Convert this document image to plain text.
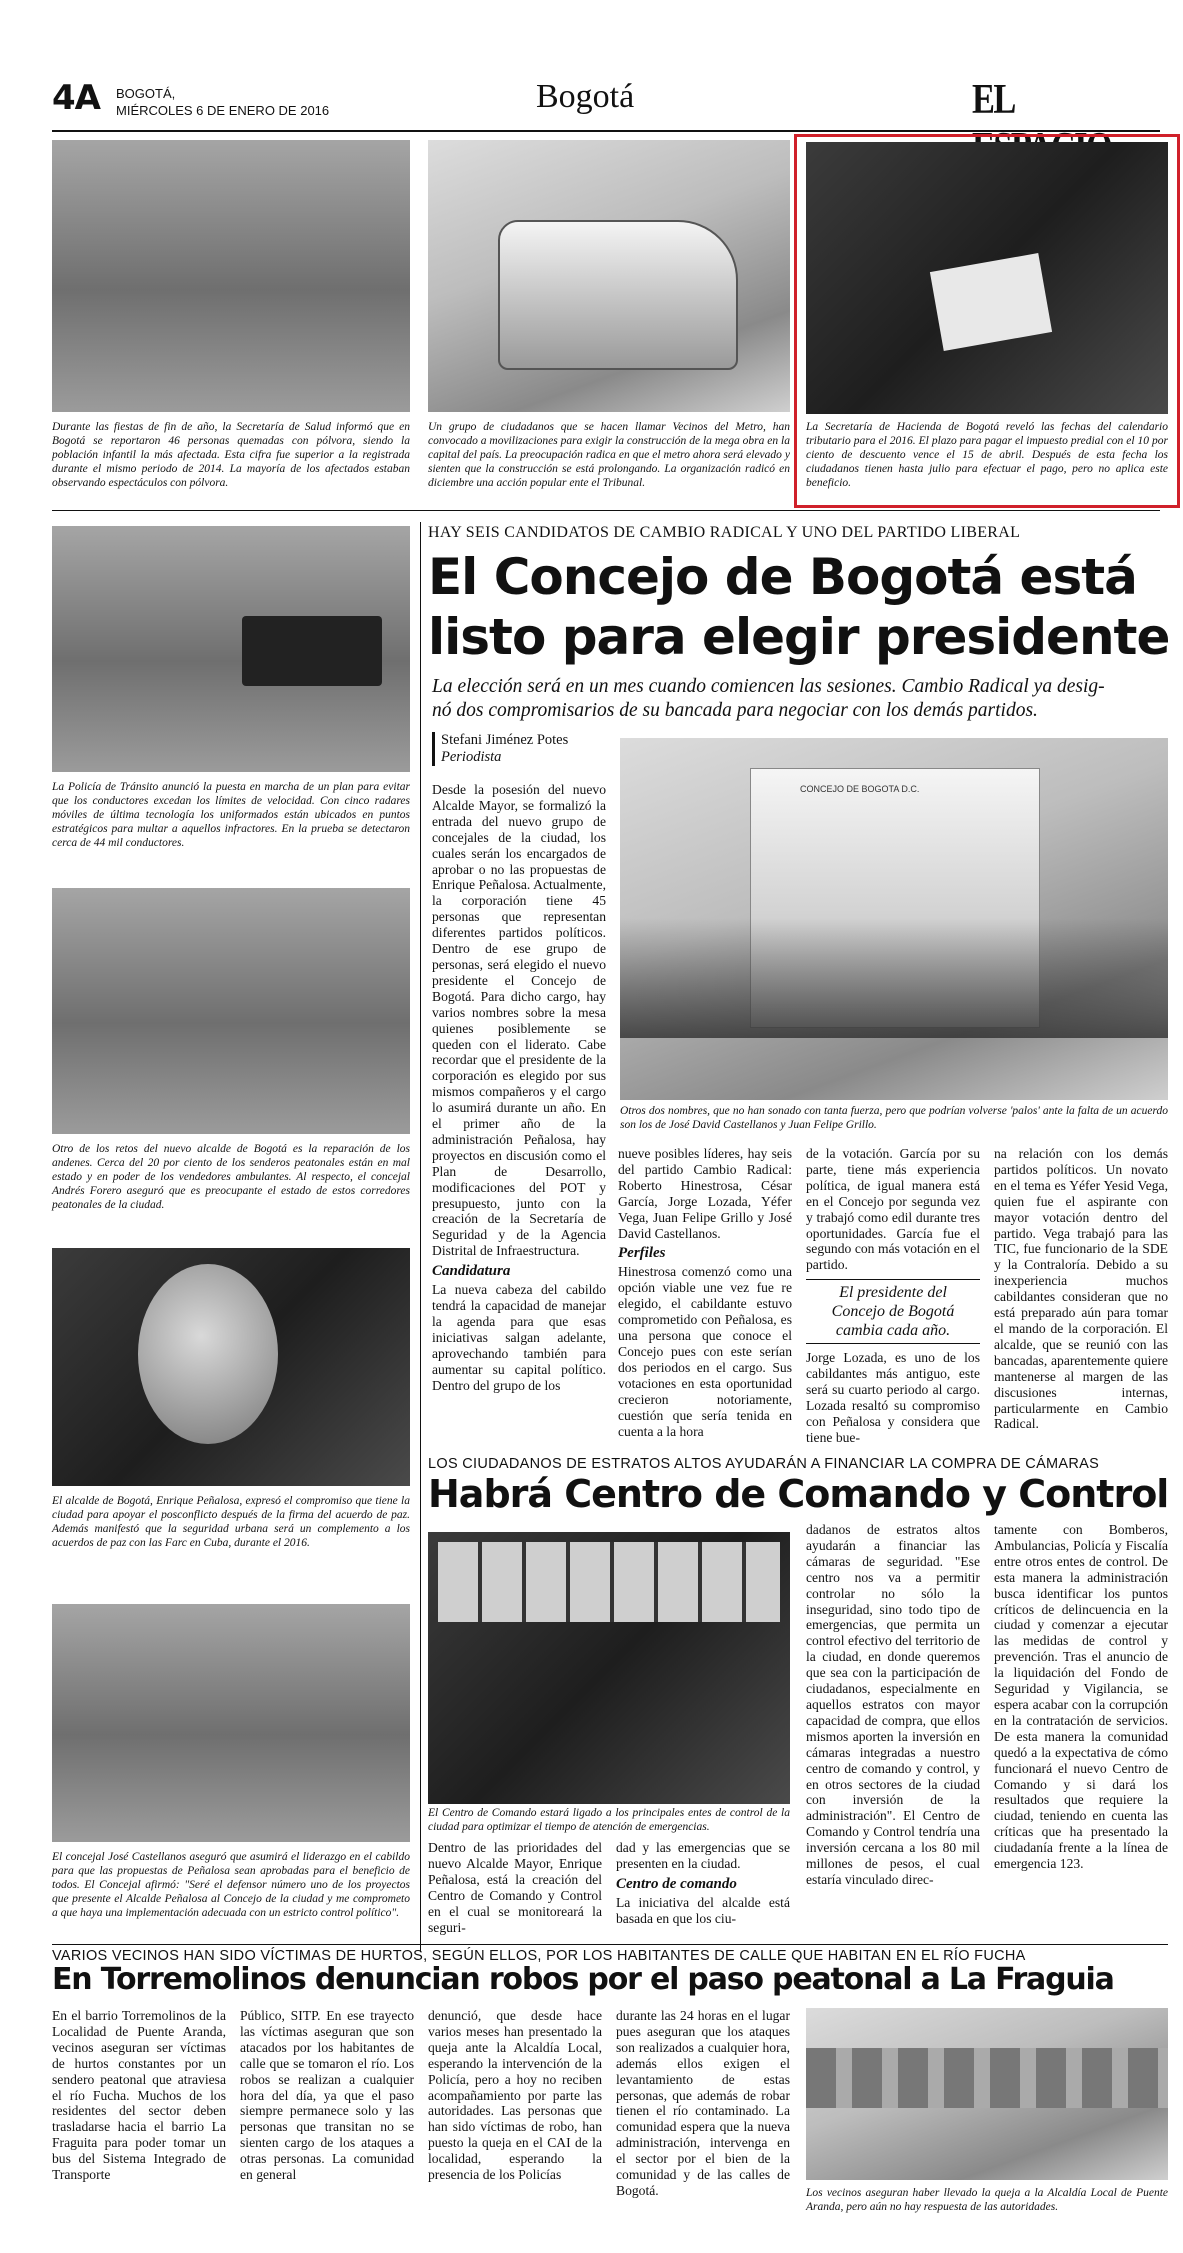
4A BOGOTÁ,
MIÉRCOLES 6 DE ENERO DE 2016	Bogotá	EL
Durante las fiestas de fin de año, la Secretaría de Salud informó que en Bogotá se reportaron 46 personas quemadas con pólvora, siendo la población infantil la más afectada. Esta cifra fue superior a la registrada durante el mismo periodo de 2014. La mayoría de los afectados estaban observando espectáculos con pólvora.
Un grupo de ciudadanos que se hacen llamar Vecinos del Metro, han convocado a movilizaciones para exigir la construcción de la mega obra en la capital del país. La preocupación radica en que el metro ahora será elevado y sienten que la construcción se está prolongando. La organización radicó en diciembre una acción popular ente el Tribunal.
La Secretaría de Hacienda de Bogotá reveló las fechas del calendario tributario para el 2016. El plazo para pagar el impuesto predial con el 10 por ciento de descuento vence el 15 de abril. Después de esta fecha los ciudadanos tienen hasta julio para efectuar el pago, pero no aplica este beneficio.
La Policía de Tránsito anunció la puesta en marcha de un plan para evitar que los conductores excedan los límites de velocidad. Con cinco radares móviles de última tecnología los uniformados están ubicados en puntos estratégicos para multar a aquellos infractores. En la prueba se detectaron cerca de 44 mil conductores.
Otro de los retos del nuevo alcalde de Bogotá es la reparación de los andenes. Cerca del 20 por ciento de los senderos peatonales están en mal estado y en poder de los vendedores ambulantes. Al respecto, el concejal Andrés Forero aseguró que es preocupante el estado de estos corredores peatonales de la ciudad.
El alcalde de Bogotá, Enrique Peñalosa, expresó el compromiso que tiene la ciudad para apoyar el posconflicto después de la firma del acuerdo de paz. Además manifestó que la seguridad urbana será un complemento a los acuerdos de paz con las Farc en Cuba, durante el 2016.
El concejal José Castellanos aseguró que asumirá el liderazgo en el cabildo para que las propuestas de Peñalosa sean aprobadas para el beneficio de todos. El Concejal afirmó: "Seré el defensor número uno de los proyectos que presente el Alcalde Peñalosa al Concejo de la ciudad y me comprometo a que haya una implementación adecuada con un estricto control político".
HAY SEIS CANDIDATOS DE CAMBIO RADICAL Y UNO DEL PARTIDO LIBERAL
El Concejo de Bogotá está
listo para elegir presidente
La elección será en un mes cuando comiencen las sesiones. Cambio Radical ya desig-
nó dos compromisarios de su bancada para negociar con los demás partidos.
Stefani Jiménez Potes
Periodista

Desde la posesión del nuevo Alcalde Mayor, se formalizó la entrada del nuevo grupo de concejales de la ciudad, los cuales serán los encargados de aprobar o no las propuestas de Enrique Peñalosa. Actualmente, la corporación tiene 45 personas que representan diferentes partidos políticos. Dentro de ese grupo de personas, será elegido el nuevo presidente el Concejo de Bogotá. Para dicho cargo, hay varios nombres sobre la mesa quienes posiblemente se queden con el liderato. Cabe recordar que el presidente de la corporación es elegido por sus mismos compañeros y el cargo lo asumirá durante un año. En el primer año de la administración Peñalosa, hay proyectos en discusión como el Plan de Desarrollo, modificaciones del POT y presupuesto, junto con la creación de la Secretaría de Seguridad y de la Agencia Distrital de Infraestructura.

Candidatura

La nueva cabeza del cabildo tendrá la capacidad de manejar la agenda para que esas iniciativas salgan adelante, aprovechando también para aumentar su capital político. Dentro del grupo de los

CONCEJO DE BOGOTA D.C.
Otros dos nombres, que no han sonado con tanta fuerza, pero que podrían volverse 'palos' ante la falta de un acuerdo son los de José David Castellanos y Juan Felipe Grillo.

nueve posibles líderes, hay seis del partido Cambio Radical: Roberto Hinestrosa, César García, Jorge Lozada, Yéfer Vega, Juan Felipe Grillo y José David Castellanos.

Perfiles

Hinestrosa comenzó como una opción viable une vez fue re elegido, el cabildante estuvo comprometido con Peñalosa, es una persona que conoce el Concejo pues con este serían dos periodos en el cargo. Sus votaciones en esta oportunidad crecieron notoriamente, cuestión que sería tenida en cuenta a la hora

de la votación. García por su parte, tiene más experiencia política, de igual manera está en el Concejo por segunda vez y trabajó como edil durante tres oportunidades. García fue el segundo con más votación en el partido.

El presidente del
Concejo de Bogotá
cambia cada año.

Jorge Lozada, es uno de los cabildantes más antiguo, este será su cuarto periodo al cargo. Lozada resaltó su compromiso con Peñalosa y considera que tiene bue-

na relación con los demás partidos políticos. Un novato en el tema es Yéfer Yesid Vega, quien fue el aspirante con mayor votación dentro del partido. Vega trabajó para las TIC, fue funcionario de la SDE y la Contraloría. Debido a su inexperiencia muchos cabildantes consideran que no está preparado aún para tomar el mando de la corporación. El alcalde, que se reunió con las bancadas, aparentemente quiere mantenerse al margen de las discusiones internas, particularmente en Cambio Radical.

LOS CIUDADANOS DE ESTRATOS ALTOS AYUDARÁN A FINANCIAR LA COMPRA DE CÁMARAS
Habrá Centro de Comando y Control
El Centro de Comando estará ligado a los principales entes de control de la ciudad para optimizar el tiempo de atención de emergencias.

Dentro de las prioridades del nuevo Alcalde Mayor, Enrique Peñalosa, está la creación del Centro de Comando y Control en el cual se monitoreará la seguri-

dad y las emergencias que se presenten en la ciudad.

Centro de comando

La iniciativa del alcalde está basada en que los ciu-

dadanos de estratos altos ayudarán a financiar las cámaras de seguridad. "Ese centro nos va a permitir controlar no sólo la inseguridad, sino todo tipo de emergencias, que permita un control efectivo del territorio de la ciudad, en donde queremos que sea con la participación de ciudadanos, especialmente en aquellos estratos con mayor capacidad de compra, que ellos mismos aporten la inversión en cámaras integradas a nuestro centro de comando y control, y en otros sectores de la ciudad con inversión de la administración". El Centro de Comando y Control tendría una inversión cercana a los 80 mil millones de pesos, el cual estaría vinculado direc-

tamente con Bomberos, Ambulancias, Policía y Fiscalía entre otros entes de control. De esta manera la administración busca identificar los puntos críticos de delincuencia en la ciudad y comenzar a ejecutar las medidas de control y prevención. Tras el anuncio de la liquidación del Fondo de Seguridad y Vigilancia, se espera acabar con la corrupción en la contratación de servicios. De esta manera la comunidad quedó a la expectativa de cómo funcionará el nuevo Centro de Comando y si dará los resultados que requiere la ciudad, teniendo en cuenta las críticas que ha presentado la ciudadanía frente a la línea de emergencia 123.

VARIOS VECINOS HAN SIDO VÍCTIMAS DE HURTOS, SEGÚN ELLOS, POR LOS HABITANTES DE CALLE QUE HABITAN EN EL RÍO FUCHA
En Torremolinos denuncian robos por el paso peatonal a La Fraguia

En el barrio Torremolinos de la Localidad de Puente Aranda, vecinos aseguran ser víctimas de hurtos constantes por un sendero peatonal que atraviesa el río Fucha. Muchos de los residentes del sector deben trasladarse hacia el barrio La Fraguita para poder tomar un bus del Sistema Integrado de Transporte

Público, SITP. En ese trayecto las víctimas aseguran que son atacados por los habitantes de calle que se tomaron el río. Los robos se realizan a cualquier hora del día, ya que el paso siempre permanece solo y las personas que transitan no se sienten cargo de los ataques a otras personas. La comunidad en general

denunció, que desde hace varios meses han presentado la queja ante la Alcaldía Local, esperando la intervención de la Policía, pero a hoy no reciben acompañamiento por parte las autoridades. Las personas que han sido víctimas de robo, han puesto la queja en el CAI de la localidad, esperando la presencia de los Policías

durante las 24 horas en el lugar pues aseguran que los ataques son realizados a cualquier hora, además ellos exigen el levantamiento de estas personas, que además de robar tienen el río contaminado. La comunidad espera que la nueva administración, intervenga en el sector por el bien de la comunidad y de las calles de Bogotá.	Los vecinos aseguran haber llevado la queja a la Alcaldía Local de Puente Aranda, pero aún no hay respuesta de las autoridades.
